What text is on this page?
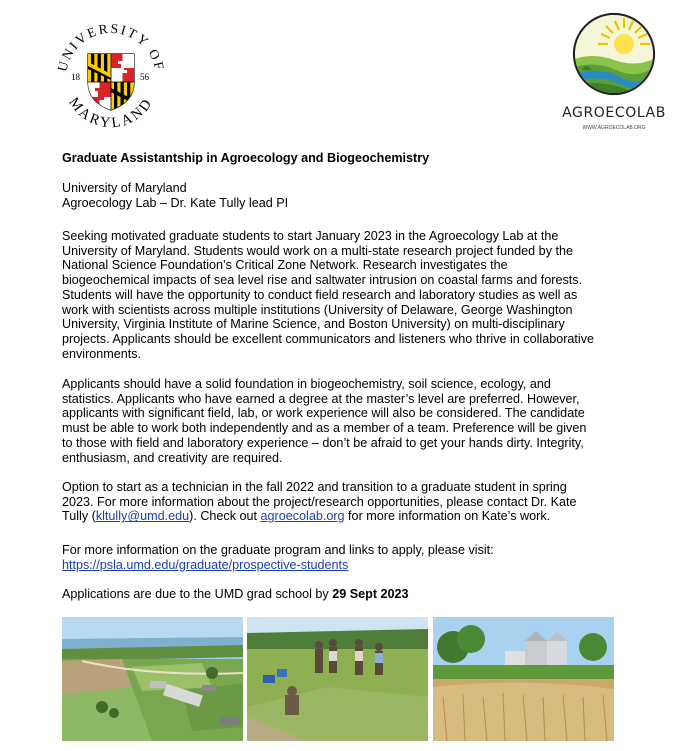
UNIVERSITY OF
MARYLAND
18	56
AGROECOLAB
WWW.AGROECOLAB.ORG
Graduate Assistantship in Agroecology and Biogeochemistry
University of Maryland
Agroecology Lab – Dr. Kate Tully lead PI
Seeking motivated graduate students to start January 2023 in the Agroecology Lab at the
University of Maryland. Students would work on a multi-state research project funded by the
National Science Foundation’s Critical Zone Network. Research investigates the
biogeochemical impacts of sea level rise and saltwater intrusion on coastal farms and forests.
Students will have the opportunity to conduct field research and laboratory studies as well as
work with scientists across multiple institutions (University of Delaware, George Washington
University, Virginia Institute of Marine Science, and Boston University) on multi-disciplinary
projects. Applicants should be excellent communicators and listeners who thrive in collaborative
environments.
Applicants should have a solid foundation in biogeochemistry, soil science, ecology, and
statistics. Applicants who have earned a degree at the master’s level are preferred. However,
applicants with significant field, lab, or work experience will also be considered. The candidate
must be able to work both independently and as a member of a team. Preference will be given
to those with field and laboratory experience – don’t be afraid to get your hands dirty. Integrity,
enthusiasm, and creativity are required.
Option to start as a technician in the fall 2022 and transition to a graduate student in spring
2023. For more information about the project/research opportunities, please contact Dr. Kate
Tully (kltully@umd.edu). Check out agroecolab.org for more information on Kate’s work.
For more information on the graduate program and links to apply, please visit:
https://psla.umd.edu/graduate/prospective-students
Applications are due to the UMD grad school by 29 Sept 2023
